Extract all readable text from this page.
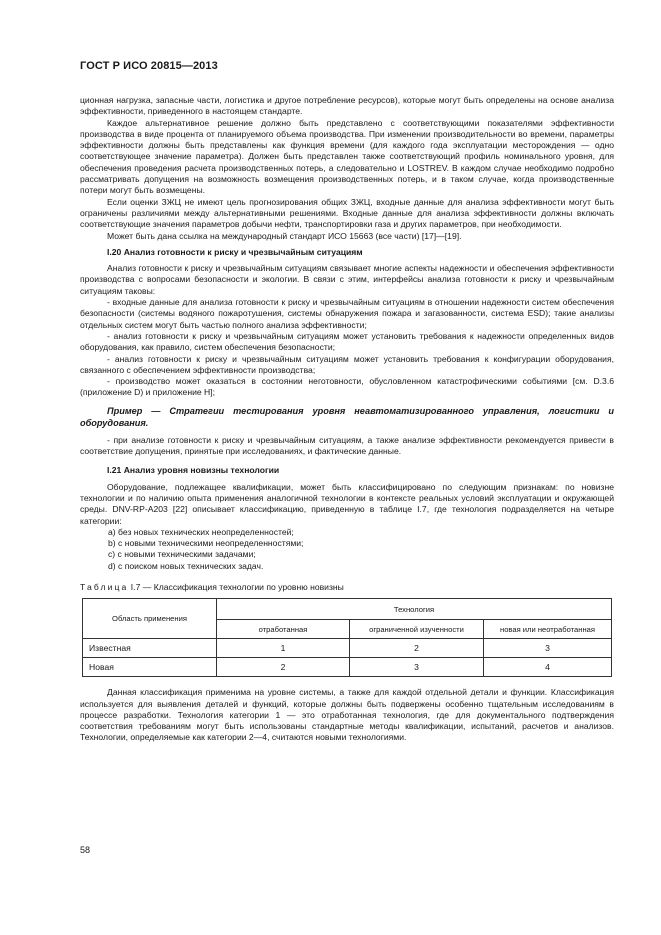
ГОСТ Р ИСО 20815—2013

ционная нагрузка, запасные части, логистика и другое потребление ресурсов), которые могут быть определены на основе анализа эффективности, приведенного в настоящем стандарте.

Каждое альтернативное решение должно быть представлено с соответствующими показателями эффективности производства в виде процента от планируемого объема производства. При изменении производительности во времени, параметры эффективности должны быть представлены как функция времени (для каждого года эксплуатации месторождения — одно соответствующее значение параметра). Должен быть представлен также соответствующий профиль номинального уровня, для обеспечения проведения расчета производственных потерь, а следовательно и LOSTREV. В каждом случае необходимо подробно рассматривать допущения на возможность возмещения производственных потерь, и в таком случае, когда производственные потери могут быть возмещены.

Если оценки ЗЖЦ не имеют цель прогнозирования общих ЗЖЦ, входные данные для анализа эффективности могут быть ограничены различиями между альтернативными решениями. Входные данные для анализа эффективности должны включать соответствующие значения параметров добычи нефти, транспортировки газа и других параметров, при необходимости.

Может быть дана ссылка на международный стандарт ИСО 15663 (все части) [17]—[19].

I.20 Анализ готовности к риску и чрезвычайным ситуациям

Анализ готовности к риску и чрезвычайным ситуациям связывает многие аспекты надежности и обеспечения эффективности производства с вопросами безопасности и экологии. В связи с этим, интерфейсы анализа готовности к риску и чрезвычайным ситуациям таковы:

- входные данные для анализа готовности к риску и чрезвычайным ситуациям в отношении надежности систем обеспечения безопасности (системы водяного пожаротушения, системы обнаружения пожара и загазованности, система ESD); такие анализы отдельных систем могут быть частью полного анализа эффективности;

- анализ готовности к риску и чрезвычайным ситуациям может установить требования к надежности определенных видов оборудования, как правило, систем обеспечения безопасности;

- анализ готовности к риску и чрезвычайным ситуациям может установить требования к конфигурации оборудования, связанного с обеспечением эффективности производства;

- производство может оказаться в состоянии неготовности, обусловленном катастрофическими событиями [см. D.3.6 (приложение D) и приложение H];

Пример — Стратегии тестирования уровня неавтоматизированного управления, логистики и оборудования.

- при анализе готовности к риску и чрезвычайным ситуациям, а также анализе эффективности рекомендуется привести в соответствие допущения, принятые при исследованиях, и фактические данные.

I.21 Анализ уровня новизны технологии

Оборудование, подлежащее квалификации, может быть классифицировано по следующим признакам: по новизне технологии и по наличию опыта применения аналогичной технологии в контексте реальных условий эксплуатации и окружающей среды. DNV-RP-A203 [22] описывает классификацию, приведенную в таблице I.7, где технология подразделяется на четыре категории:

a) без новых технических неопределенностей;

b) с новыми техническими неопределенностями;

c) с новыми техническими задачами;

d) с поиском новых технических задач.

Таблица I.7 — Классификация технологии по уровню новизны

Область применения	Технология		
	отработанная	ограниченной изученности	новая или неотработанная
Известная	1	2	3
Новая	2	3	4

Данная классификация применима на уровне системы, а также для каждой отдельной детали и функции. Классификация используется для выявления деталей и функций, которые должны быть подвержены особенно тщательным исследованиям в процессе разработки. Технология категории 1 — это отработанная технология, где для документального подтверждения соответствия требованиям могут быть использованы стандартные методы квалификации, испытаний, расчетов и анализов. Технологии, определяемые как категории 2—4, считаются новыми технологиями.

58
